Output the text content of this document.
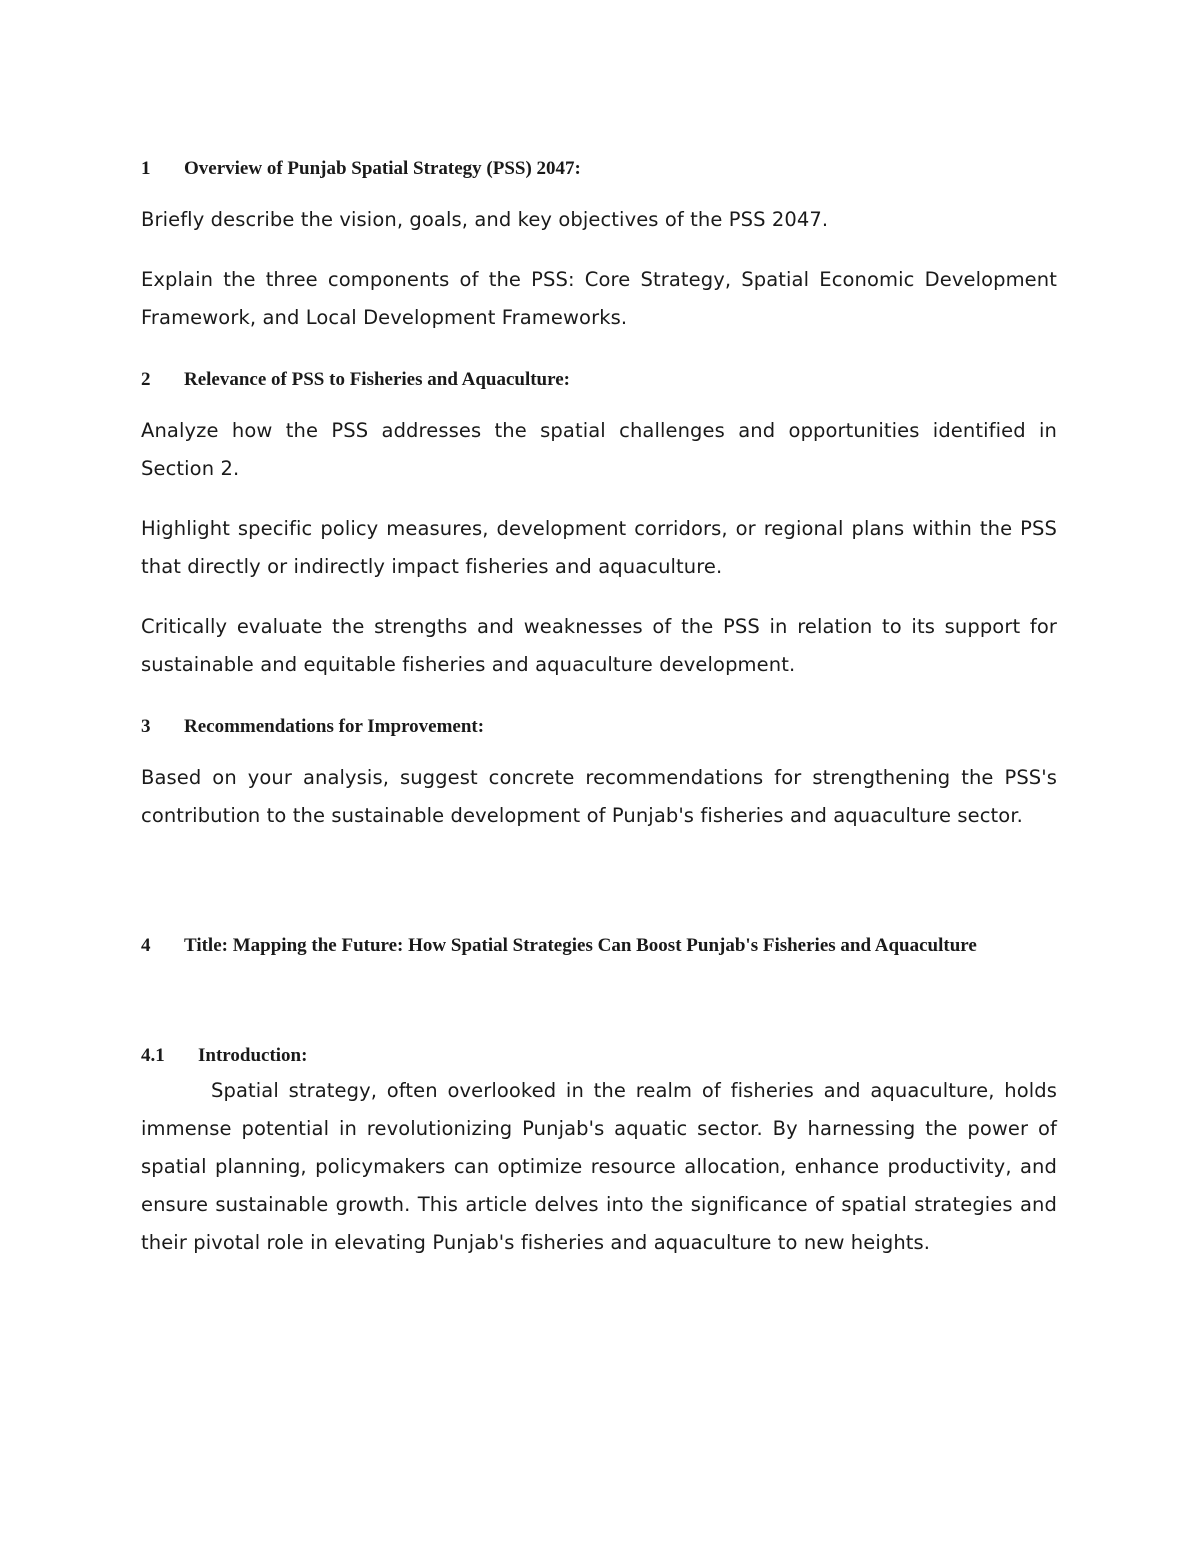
1	Overview of Punjab Spatial Strategy (PSS) 2047:

Briefly describe the vision, goals, and key objectives of the PSS 2047.

Explain the three components of the PSS: Core Strategy, Spatial Economic Development Framework, and Local Development Frameworks.

2	Relevance of PSS to Fisheries and Aquaculture:

Analyze how the PSS addresses the spatial challenges and opportunities identified in Section 2.

Highlight specific policy measures, development corridors, or regional plans within the PSS that directly or indirectly impact fisheries and aquaculture.

Critically evaluate the strengths and weaknesses of the PSS in relation to its support for sustainable and equitable fisheries and aquaculture development.

3	Recommendations for Improvement:

Based on your analysis, suggest concrete recommendations for strengthening the PSS's contribution to the sustainable development of Punjab's fisheries and aquaculture sector.

4	Title: Mapping the Future: How Spatial Strategies Can Boost Punjab's Fisheries and Aquaculture
4.1	Introduction:

Spatial strategy, often overlooked in the realm of fisheries and aquaculture, holds immense potential in revolutionizing Punjab's aquatic sector. By harnessing the power of spatial planning, policymakers can optimize resource allocation, enhance productivity, and ensure sustainable growth. This article delves into the significance of spatial strategies and their pivotal role in elevating Punjab's fisheries and aquaculture to new heights.
